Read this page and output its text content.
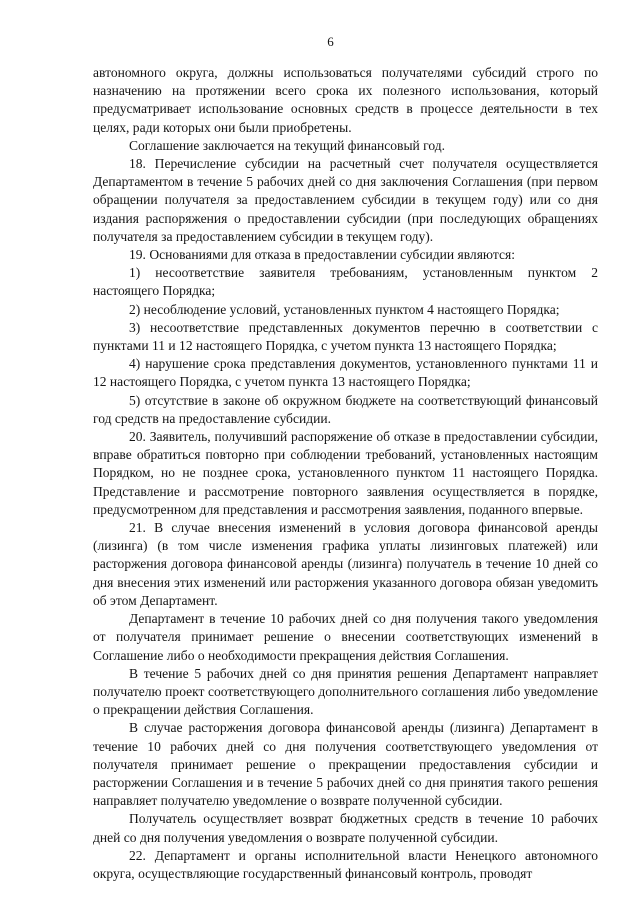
6

автономного округа, должны использоваться получателями субсидий строго по назначению на протяжении всего срока их полезного использования, который предусматривает использование основных средств в процессе деятельности в тех целях, ради которых они были приобретены.

Соглашение заключается на текущий финансовый год.

18. Перечисление субсидии на расчетный счет получателя осуществляется Департаментом в течение 5 рабочих дней со дня заключения Соглашения (при первом обращении получателя за предоставлением субсидии в текущем году) или со дня издания распоряжения о предоставлении субсидии (при последующих обращениях получателя за предоставлением субсидии в текущем году).

19. Основаниями для отказа в предоставлении субсидии являются:

1) несоответствие заявителя требованиям, установленным пунктом 2 настоящего Порядка;

2) несоблюдение условий, установленных пунктом 4 настоящего Порядка;

3) несоответствие представленных документов перечню в соответствии с пунктами 11 и 12 настоящего Порядка, с учетом пункта 13 настоящего Порядка;

4) нарушение срока представления документов, установленного пунктами 11 и 12 настоящего Порядка, с учетом пункта 13 настоящего Порядка;

5) отсутствие в законе об окружном бюджете на соответствующий финансовый год средств на предоставление субсидии.

20. Заявитель, получивший распоряжение об отказе в предоставлении субсидии, вправе обратиться повторно при соблюдении требований, установленных настоящим Порядком, но не позднее срока, установленного пунктом 11 настоящего Порядка. Представление и рассмотрение повторного заявления осуществляется в порядке, предусмотренном для представления и рассмотрения заявления, поданного впервые.

21. В случае внесения изменений в условия договора финансовой аренды (лизинга) (в том числе изменения графика уплаты лизинговых платежей) или расторжения договора финансовой аренды (лизинга) получатель в течение 10 дней со дня внесения этих изменений или расторжения указанного договора обязан уведомить об этом Департамент.

Департамент в течение 10 рабочих дней со дня получения такого уведомления от получателя принимает решение о внесении соответствующих изменений в Соглашение либо о необходимости прекращения действия Соглашения.

В течение 5 рабочих дней со дня принятия решения Департамент направляет получателю проект соответствующего дополнительного соглашения либо уведомление о прекращении действия Соглашения.

В случае расторжения договора финансовой аренды (лизинга) Департамент в течение 10 рабочих дней со дня получения соответствующего уведомления от получателя принимает решение о прекращении предоставления субсидии и расторжении Соглашения и в течение 5 рабочих дней со дня принятия такого решения направляет получателю уведомление о возврате полученной субсидии.

Получатель осуществляет возврат бюджетных средств в течение 10 рабочих дней со дня получения уведомления о возврате полученной субсидии.

22. Департамент и органы исполнительной власти Ненецкого автономного округа, осуществляющие государственный финансовый контроль, проводят
